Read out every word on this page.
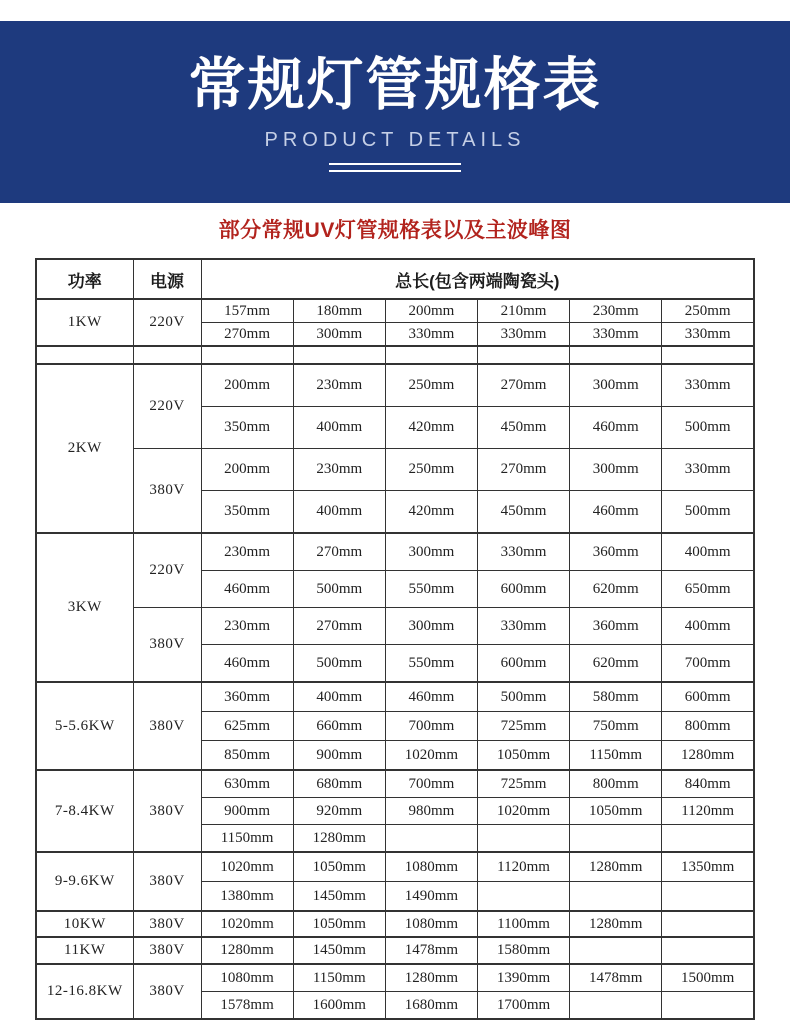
常规灯管规格表
PRODUCT DETAILS
部分常规UV灯管规格表以及主波峰图
功率	电源	总长(包含两端陶瓷头)					
1KW	220V	157mm	180mm	200mm	210mm	230mm	250mm
		270mm	300mm	330mm	330mm	330mm	330mm

2KW	220V	200mm	230mm	250mm	270mm	300mm	330mm
		350mm	400mm	420mm	450mm	460mm	500mm
	380V	200mm	230mm	250mm	270mm	300mm	330mm
		350mm	400mm	420mm	450mm	460mm	500mm
3KW	220V	230mm	270mm	300mm	330mm	360mm	400mm
		460mm	500mm	550mm	600mm	620mm	650mm
	380V	230mm	270mm	300mm	330mm	360mm	400mm
		460mm	500mm	550mm	600mm	620mm	700mm
5-5.6KW	380V	360mm	400mm	460mm	500mm	580mm	600mm
		625mm	660mm	700mm	725mm	750mm	800mm
		850mm	900mm	1020mm	1050mm	1150mm	1280mm
7-8.4KW	380V	630mm	680mm	700mm	725mm	800mm	840mm
		900mm	920mm	980mm	1020mm	1050mm	1120mm
		1150mm	1280mm				
9-9.6KW	380V	1020mm	1050mm	1080mm	1120mm	1280mm	1350mm
		1380mm	1450mm	1490mm			
10KW	380V	1020mm	1050mm	1080mm	1100mm	1280mm	
11KW	380V	1280mm	1450mm	1478mm	1580mm		
12-16.8KW	380V	1080mm	1150mm	1280mm	1390mm	1478mm	1500mm
		1578mm	1600mm	1680mm	1700mm		
